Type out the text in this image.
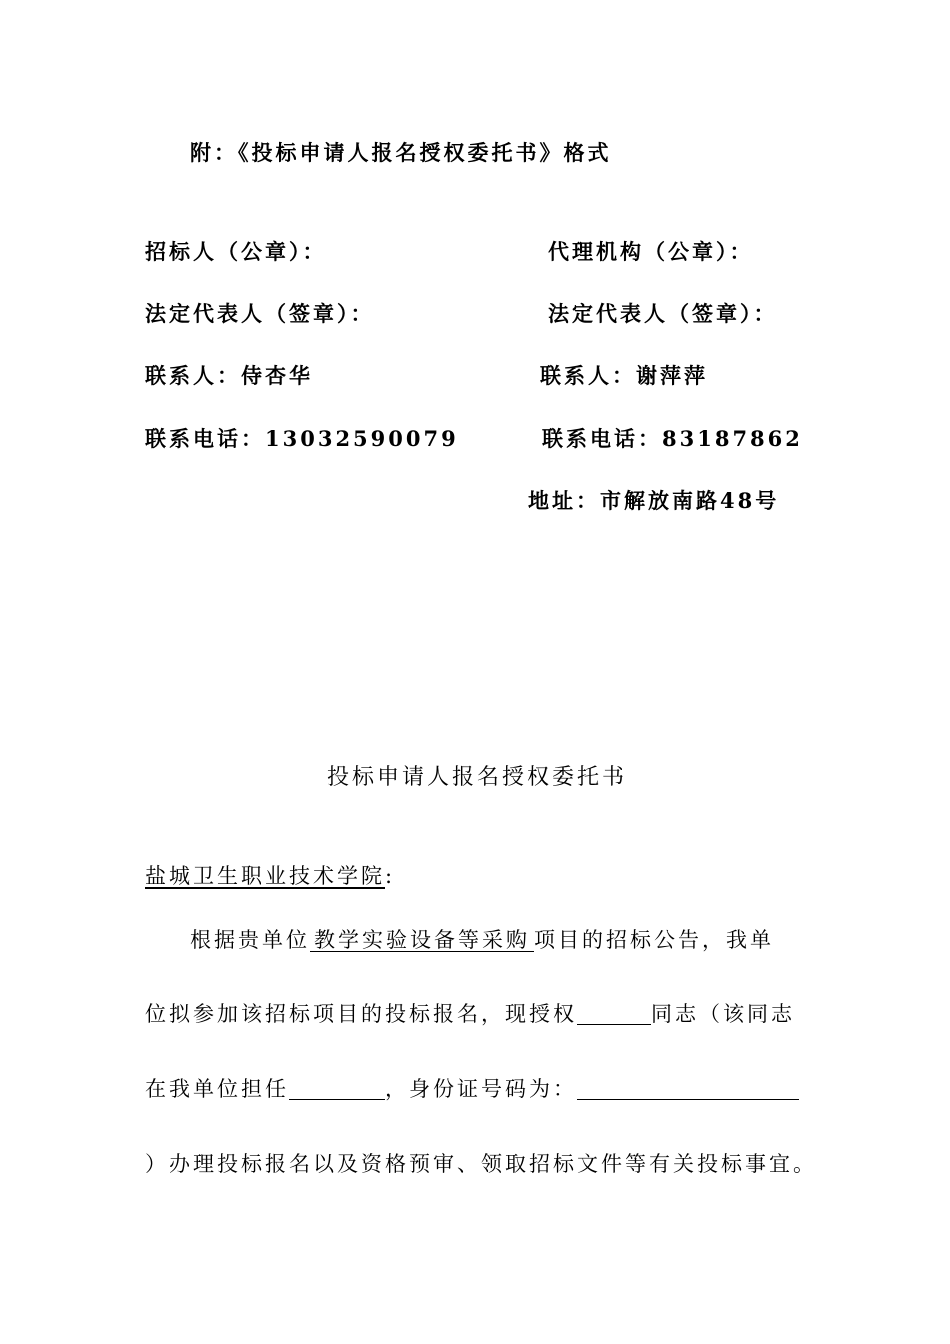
附：《投标申请人报名授权委托书》格式
招标人（公章）：	代理机构（公章）：
法定代表人（签章）：	法定代表人（签章）：
联系人：侍杏华	联系人：谢萍萍
联系电话：13032590079	联系电话：83187862
地址：市解放南路48号
投标申请人报名授权委托书
盐城卫生职业技术学院:
根据贵单位 教学实验设备等采购 项目的招标公告，我单
位拟参加该招标项目的投标报名，现授权	同志（该同志
在我单位担任	，身份证号码为：
）办理投标报名以及资格预审、领取招标文件等有关投标事宜。
